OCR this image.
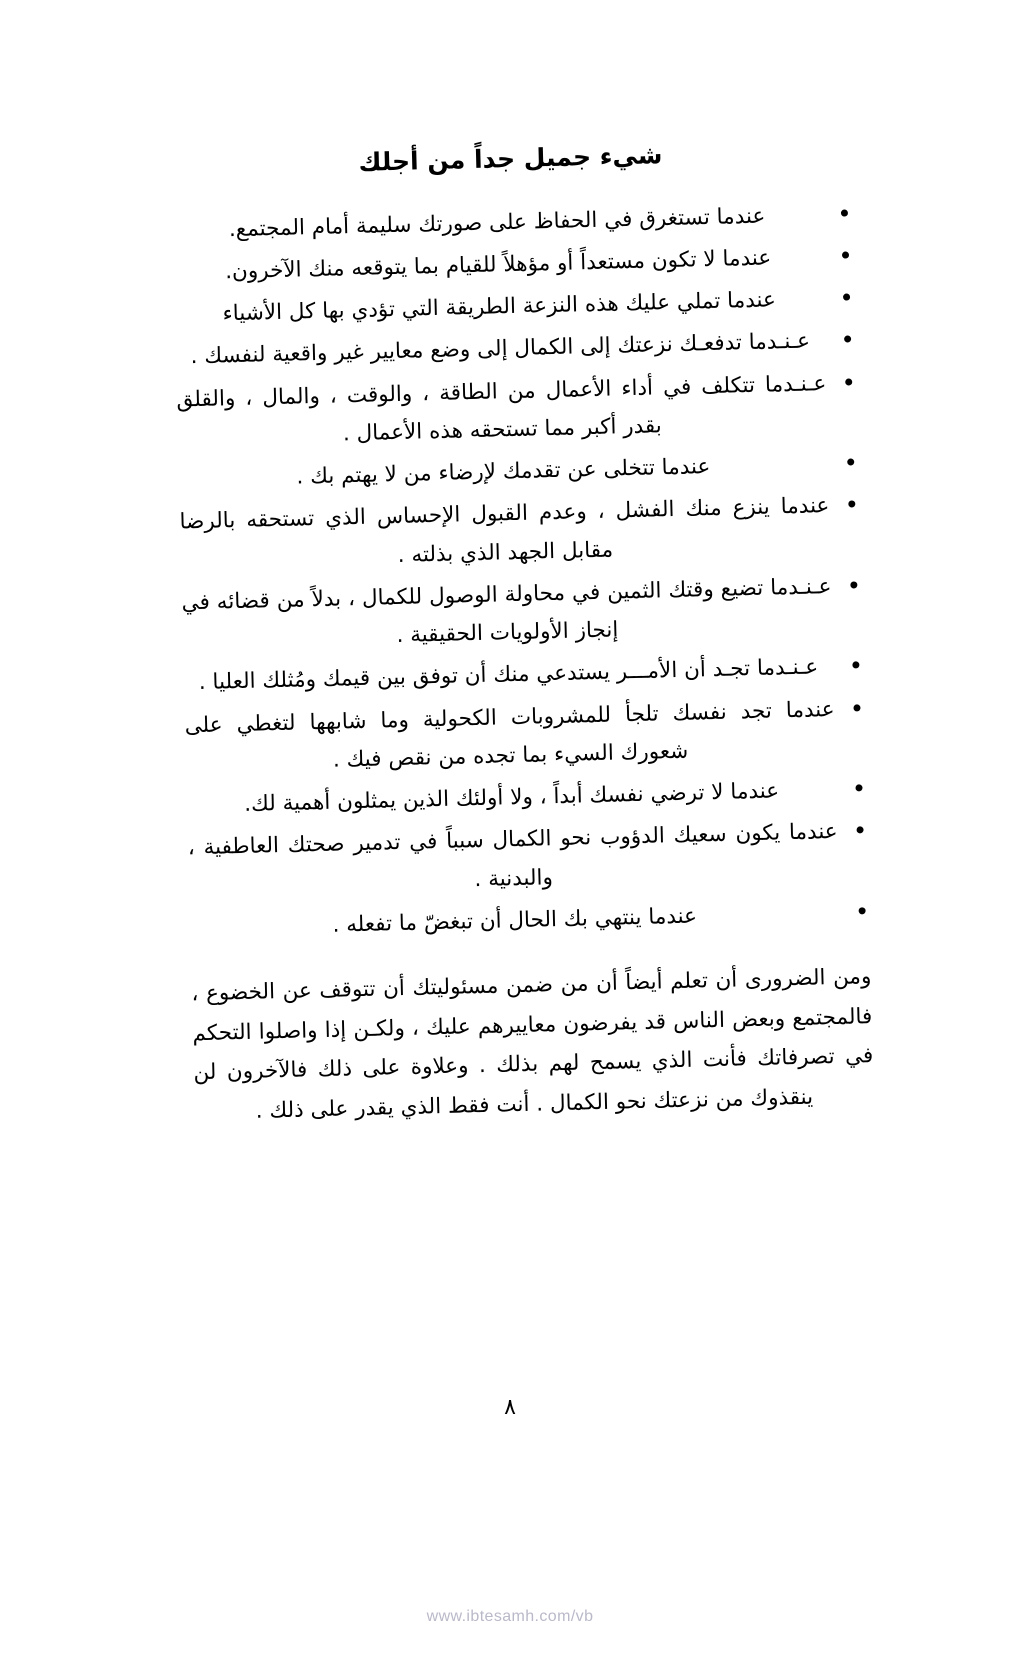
شيء جميل جداً من أجلك
عندما تستغرق في الحفاظ على صورتك سليمة أمام المجتمع.
عندما لا تكون مستعداً أو مؤهلاً للقيام بما يتوقعه منك الآخرون.
عندما تملي عليك هذه النزعة الطريقة التي تؤدي بها كل الأشياء
عـنـدما تدفعـك نزعتك إلى الكمال إلى وضع معايير غير واقعية لنفسك .
عـنـدما تتكلف في أداء الأعمال من الطاقة ، والوقت ، والمال ، والقلق بقدر أكبر مما تستحقه هذه الأعمال .
عندما تتخلى عن تقدمك لإرضاء من لا يهتم بك .
عندما ينزع منك الفشل ، وعدم القبول الإحساس الذي تستحقه بالرضا مقابل الجهد الذي بذلته .
عـنـدما تضيع وقتك الثمين في محاولة الوصول للكمال ، بدلاً من قضائه في إنجاز الأولويات الحقيقية .
عـنـدما تجـد أن الأمـــر يستدعي منك أن توفق بين قيمك ومُثلك العليا .
عندما تجد نفسك تلجأ للمشروبات الكحولية وما شابهها لتغطي على شعورك السيء بما تجده من نقص فيك .
عندما لا ترضي نفسك أبداً ، ولا أولئك الذين يمثلون أهمية لك.
عندما يكون سعيك الدؤوب نحو الكمال سبباً في تدمير صحتك العاطفية ، والبدنية .
عندما ينتهي بك الحال أن تبغضّ ما تفعله .

ومن الضرورى أن تعلم أيضاً أن من ضمن مسئوليتك أن تتوقف عن الخضوع ، فالمجتمع وبعض الناس قد يفرضون معاييرهم عليك ، ولكـن إذا واصلوا التحكم في تصرفاتك فأنت الذي يسمح لهم بذلك . وعلاوة على ذلك فالآخرون لن ينقذوك من نزعتك نحو الكمال . أنت فقط الذي يقدر على ذلك .

٨
www.ibtesamh.com/vb
